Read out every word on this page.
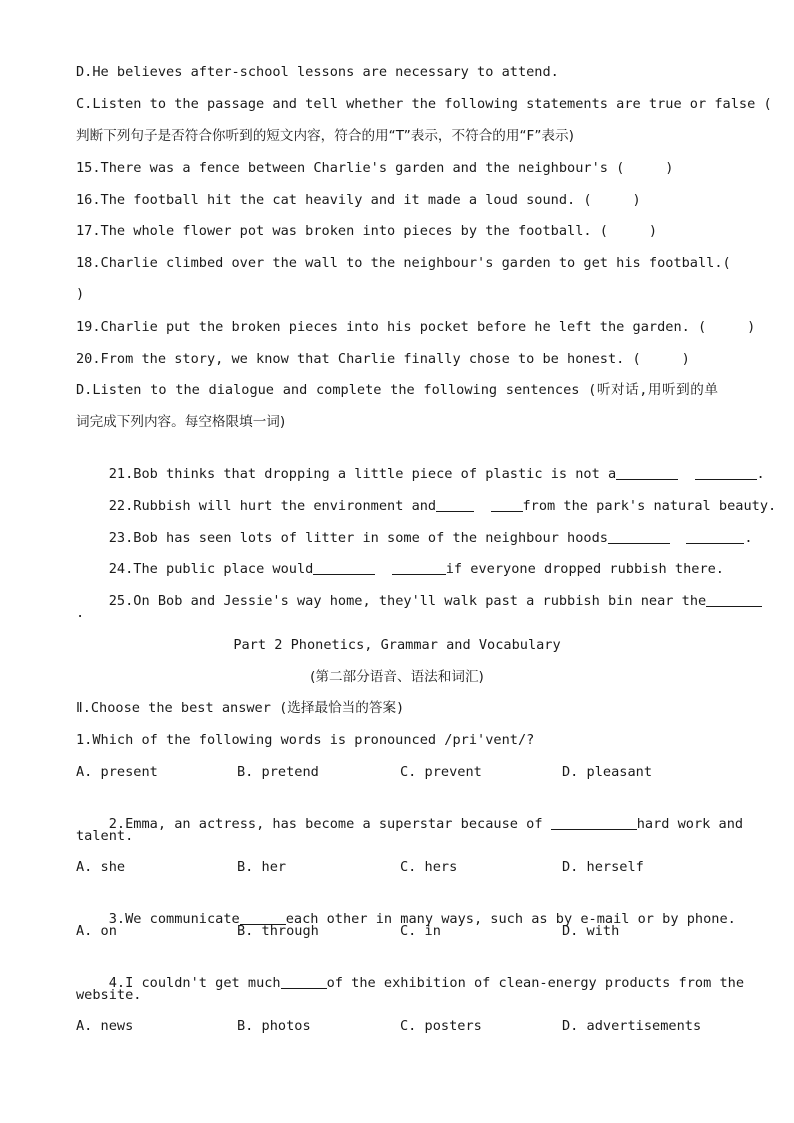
D.He believes after-school lessons are necessary to attend.
C.Listen to the passage and tell whether the following statements are true or false (
判断下列句子是否符合你听到的短文内容，符合的用“T”表示，不符合的用“F”表示)
15.There was a fence between Charlie's garden and the neighbour's (     )
16.The football hit the cat heavily and it made a loud sound. (     )
17.The whole flower pot was broken into pieces by the football. (     )
18.Charlie climbed over the wall to the neighbour's garden to get his football.(
)
19.Charlie put the broken pieces into his pocket before he left the garden. (     )
20.From the story, we know that Charlie finally chose to be honest. (     )
D.Listen to the dialogue and complete the following sentences (听对话,用听到的单
词完成下列内容。每空格限填一词)

21.Bob thinks that dropping a little piece of plastic is not a	.

22.Rubbish will hurt the environment and	from the park's natural beauty.

23.Bob has seen lots of litter in some of the neighbour hoods	.

24.The public place would	if everyone dropped rubbish there.

25.On Bob and Jessie's way home, they'll walk past a rubbish bin near the

.
Part 2 Phonetics, Grammar and Vocabulary
(第二部分语音、语法和词汇)
Ⅱ.Choose the best answer (选择最恰当的答案)
1.Which of the following words is pronounced /pri'vent/?
A. present	B. pretend	C. prevent	D. pleasant

2.Emma, an actress, has become a superstar because of	hard work and

talent.
A. she	B. her	C. hers	D. herself

3.We communicate	each other in many ways, such as by e-mail or by phone.

A. on	B. through	C. in	D. with

4.I couldn't get much	of the exhibition of clean-energy products from the

website.
A. news	B. photos	C. posters	D. advertisements
